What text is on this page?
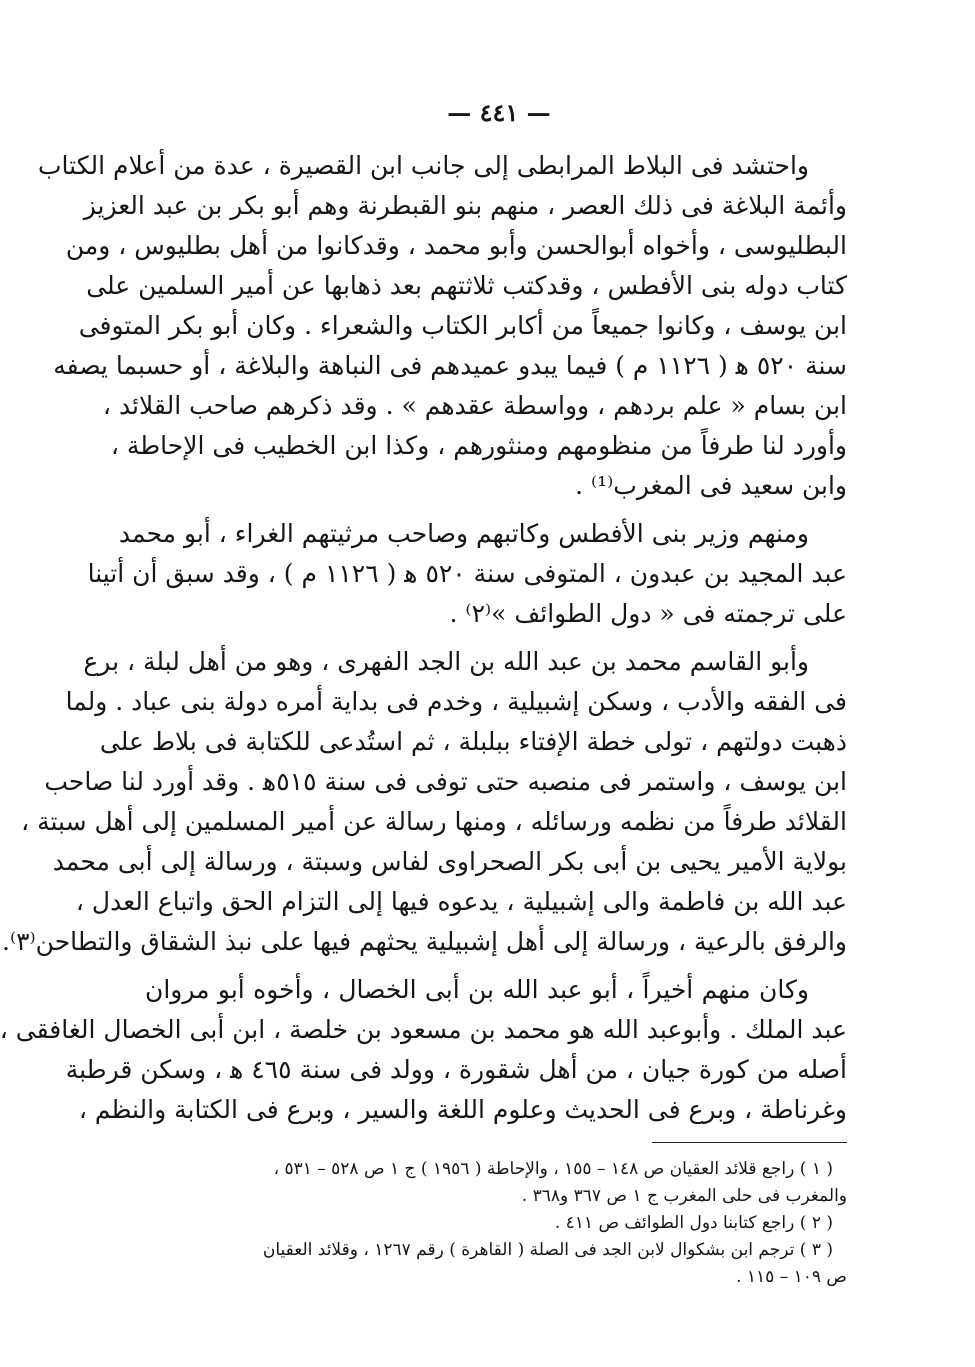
— ٤٤١ —
واحتشد فى البلاط المرابطى إلى جانب ابن القصيرة ، عدة من أعلام الكتاب
وأئمة البلاغة فى ذلك العصر ، منهم بنو القبطرنة وهم أبو بكر بن عبد العزيز
البطليوسى ، وأخواه أبوالحسن وأبو محمد ، وقدكانوا من أهل بطليوس ، ومن
كتاب دوله بنى الأفطس ، وقدكتب ثلاثتهم بعد ذهابها عن أمير السلمين على
ابن يوسف ، وكانوا جميعاً من أكابر الكتاب والشعراء . وكان أبو بكر المتوفى
سنة ٥٢٠ ﻫ ( ١١٢٦ م ) فيما يبدو عميدهم فى النباهة والبلاغة ، أو حسبما يصفه
ابن بسام « علم بردهم ، وواسطة عقدهم » . وقد ذكرهم صاحب القلائد ،
وأورد لنا طرفاً من منظومهم ومنثورهم ، وكذا ابن الخطيب فى الإحاطة ،
وابن سعيد فى المغرب⁽¹⁾ .
ومنهم وزير بنى الأفطس وكاتبهم وصاحب مرثيتهم الغراء ، أبو محمد
عبد المجيد بن عبدون ، المتوفى سنة ٥٢٠ ﻫ ( ١١٢٦ م ) ، وقد سبق أن أتينا
على ترجمته فى « دول الطوائف »⁽٢⁾ .
وأبو القاسم محمد بن عبد الله بن الجد الفهرى ، وهو من أهل لبلة ، برع
فى الفقه والأدب ، وسكن إشبيلية ، وخدم فى بداية أمره دولة بنى عباد . ولما
ذهبت دولتهم ، تولى خطة الإفتاء ببلبلة ، ثم استُدعى للكتابة فى بلاط على
ابن يوسف ، واستمر فى منصبه حتى توفى فى سنة ٥١٥ﻫ . وقد أورد لنا صاحب
القلائد طرفاً من نظمه ورسائله ، ومنها رسالة عن أمير المسلمين إلى أهل سبتة ،
بولاية الأمير يحيى بن أبى بكر الصحراوى لفاس وسبتة ، ورسالة إلى أبى محمد
عبد الله بن فاطمة والى إشبيلية ، يدعوه فيها إلى التزام الحق واتباع العدل ،
والرفق بالرعية ، ورسالة إلى أهل إشبيلية يحثهم فيها على نبذ الشقاق والتطاحن⁽٣⁾.
وكان منهم أخيراً ، أبو عبد الله بن أبى الخصال ، وأخوه أبو مروان
عبد الملك . وأبوعبد الله هو محمد بن مسعود بن خلصة ، ابن أبى الخصال الغافقى ،
أصله من كورة جيان ، من أهل شقورة ، وولد فى سنة ٤٦٥ ﻫ ، وسكن قرطبة
وغرناطة ، وبرع فى الحديث وعلوم اللغة والسير ، وبرع فى الكتابة والنظم ،
( ١ ) راجع قلائد العقيان ص ١٤٨ – ١٥٥ ، والإحاطة ( ١٩٥٦ ) ج ١ ص ٥٢٨ – ٥٣١ ،
والمغرب فى حلى المغرب ج ١ ص ٣٦٧ و٣٦٨ .
( ٢ ) راجع كتابنا دول الطوائف ص ٤١١ .
( ٣ ) ترجم ابن بشكوال لابن الجد فى الصلة ( القاهرة ) رقم ١٢٦٧ ، وقلائد العقيان
ص ١٠٩ – ١١٥ .
